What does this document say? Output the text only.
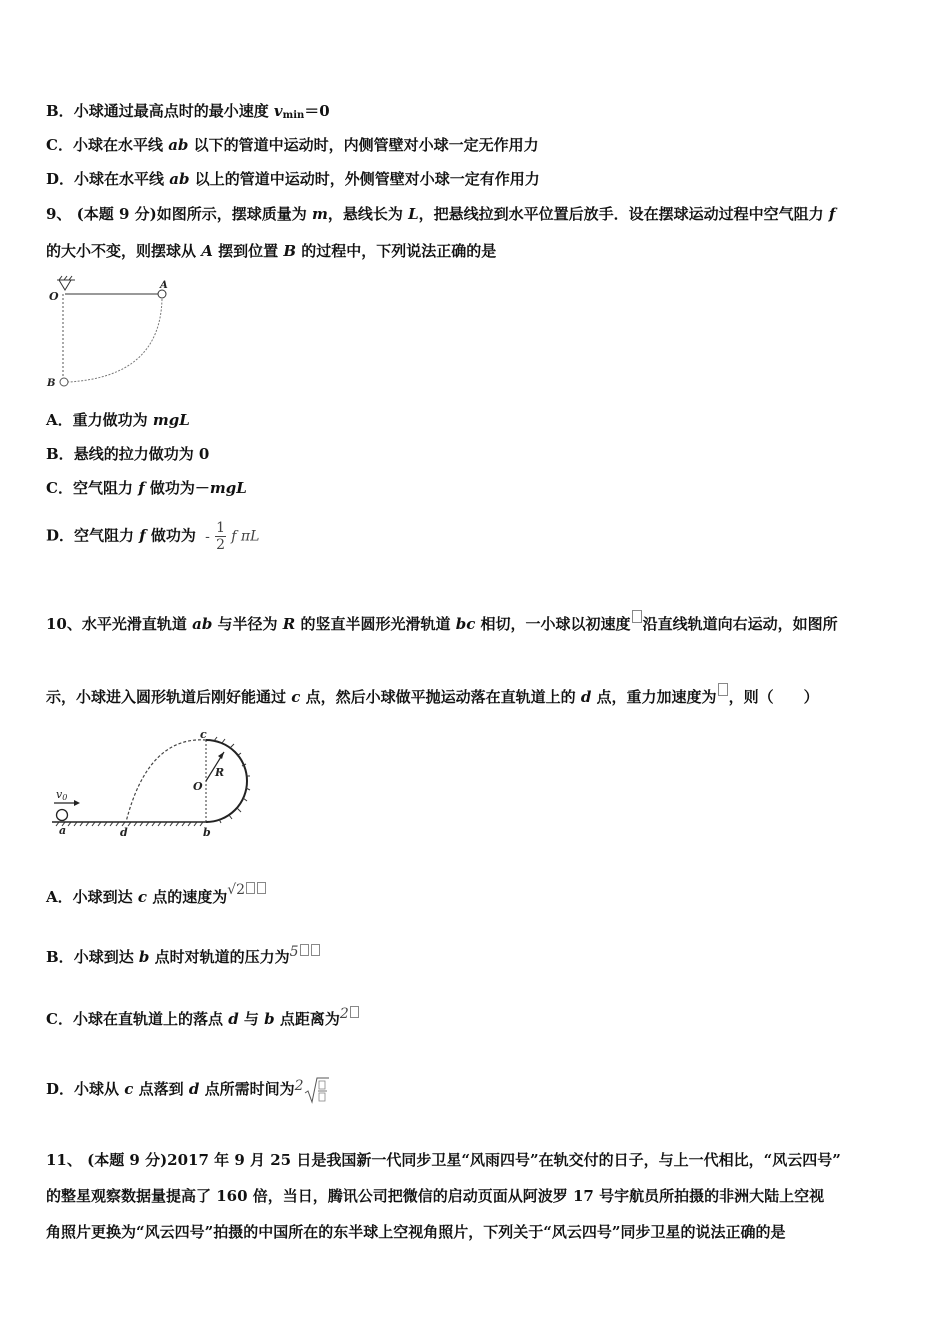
B．小球通过最高点时的最小速度 $v_{min}=0$
C．小球在水平线 ab 以下的管道中运动时，内侧管壁对小球一定无作用力
D．小球在水平线 ab 以上的管道中运动时，外侧管壁对小球一定有作用力
9、 (本题 9 分)如图所示，摆球质量为 m，悬线长为 L，把悬线拉到水平位置后放手．设在摆球运动过程中空气阻力 f
的大小不变，则摆球从 A 摆到位置 B 的过程中，下列说法正确的是
O
A
B
A．重力做功为 mgL
B．悬线的拉力做功为 0
C．空气阻力 f 做功为－mgL
D．空气阻力 f 做功为 - $\frac{1}{2}$ f πL
10、水平光滑直轨道 ab 与半径为 R 的竖直半圆形光滑轨道 bc 相切，一小球以初速度 沿直线轨道向右运动，如图所
示，小球进入圆形轨道后刚好能通过 c 点，然后小球做平抛运动落在直轨道上的 d 点，重力加速度为 ，则（　　）
v0
a	d	b
c
O
R
A．小球到达 c 点的速度为√2
B．小球到达 b 点时对轨道的压力为5
C．小球在直轨道上的落点 d 与 b 点距离为2
D．小球从 c 点落到 d 点所需时间为2
11、 (本题 9 分)2017 年 9 月 25 日是我国新一代同步卫星“风雨四号”在轨交付的日子，与上一代相比，“风云四号”
的整星观察数据量提高了 160 倍，当日，腾讯公司把微信的启动页面从阿波罗 17 号宇航员所拍摄的非洲大陆上空视
角照片更换为“风云四号”拍摄的中国所在的东半球上空视角照片，下列关于“风云四号”同步卫星的说法正确的是
